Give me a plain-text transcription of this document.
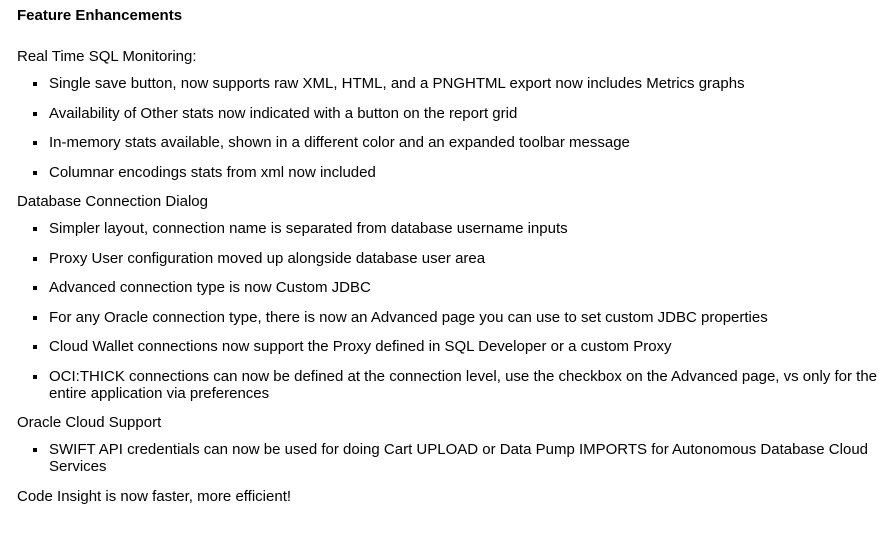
Feature Enhancements

Real Time SQL Monitoring:

Single save button, now supports raw XML, HTML, and a PNGHTML export now includes Metrics graphs
Availability of Other stats now indicated with a button on the report grid
In-memory stats available, shown in a different color and an expanded toolbar message
Columnar encodings stats from xml now included

Database Connection Dialog

Simpler layout, connection name is separated from database username inputs
Proxy User configuration moved up alongside database user area
Advanced connection type is now Custom JDBC
For any Oracle connection type, there is now an Advanced page you can use to set custom JDBC properties
Cloud Wallet connections now support the Proxy defined in SQL Developer or a custom Proxy
OCI:THICK connections can now be defined at the connection level, use the checkbox on the Advanced page, vs only for the entire application via preferences

Oracle Cloud Support

SWIFT API credentials can now be used for doing Cart UPLOAD or Data Pump IMPORTS for Autonomous Database Cloud Services

Code Insight is now faster, more efficient!
